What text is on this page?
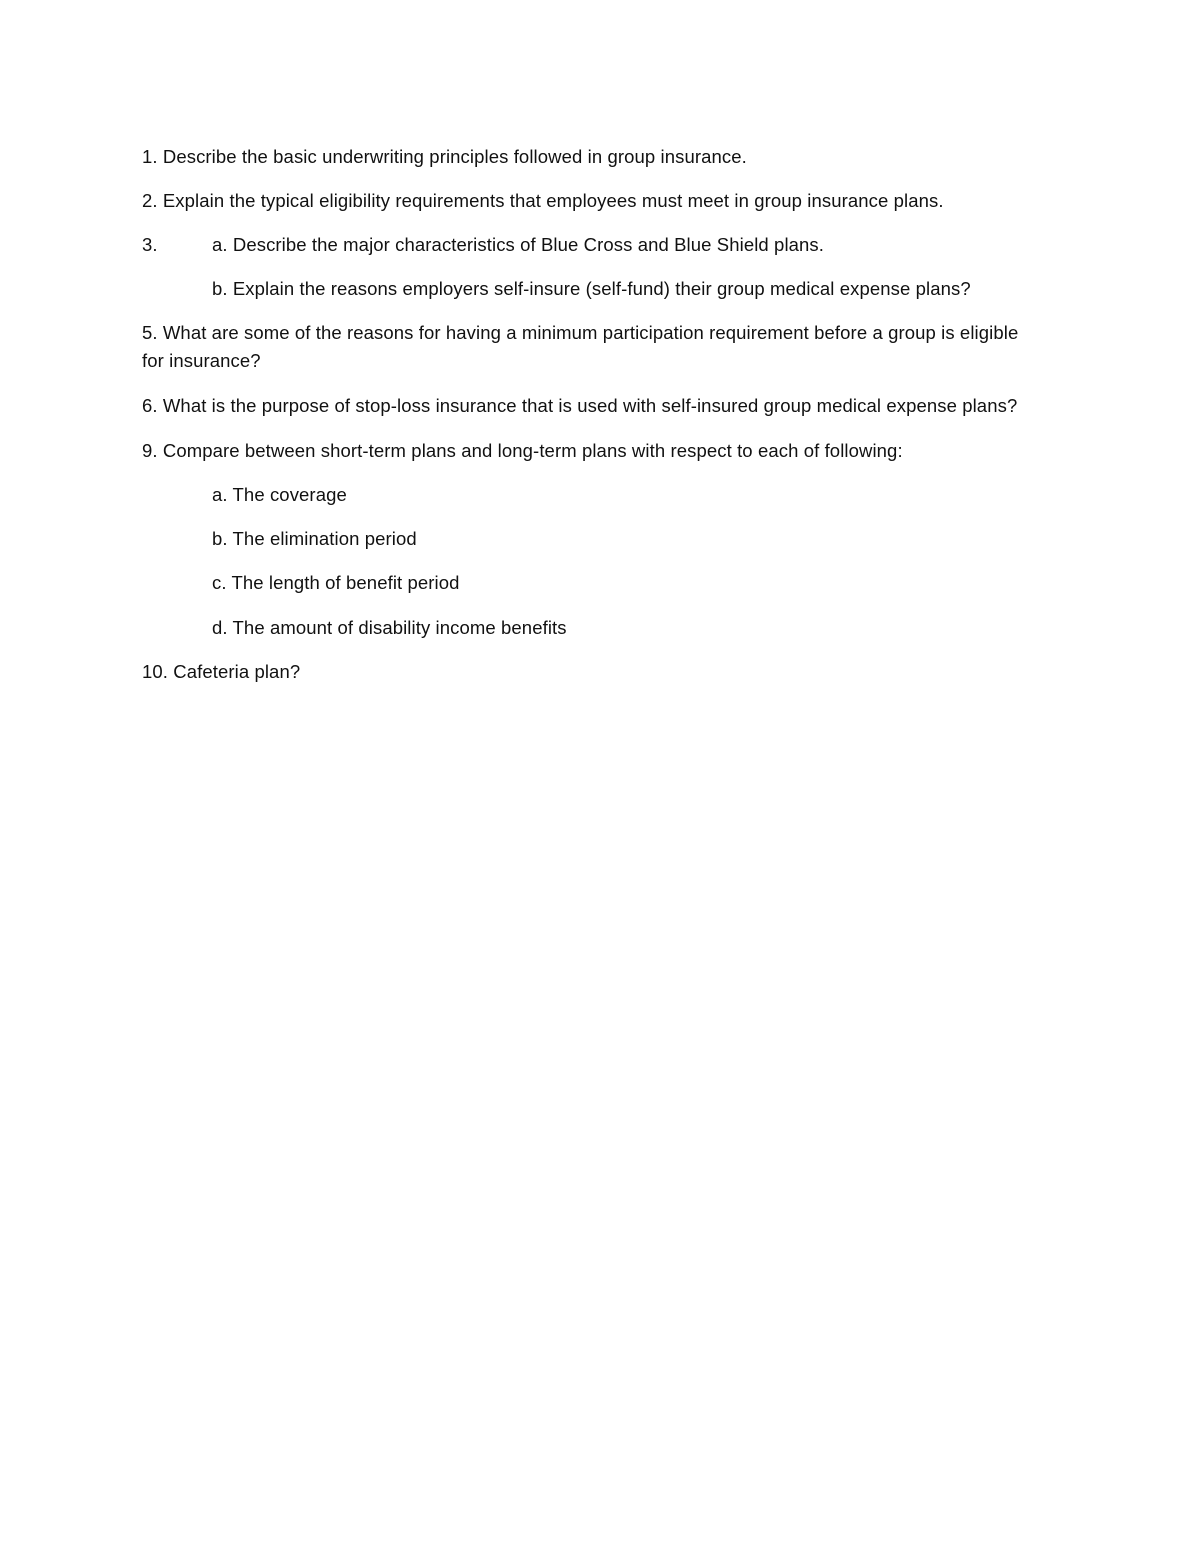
1. Describe the basic underwriting principles followed in group insurance.

2. Explain the typical eligibility requirements that employees must meet in group insurance plans.

3.	a. Describe the major characteristics of Blue Cross and Blue Shield plans.

b. Explain the reasons employers self-insure (self-fund) their group medical expense plans?

5. What are some of the reasons for having a minimum participation requirement before a group is eligible for insurance?

6. What is the purpose of stop-loss insurance that is used with self-insured group medical expense plans?

9. Compare between short-term plans and long-term plans with respect to each of following:

a. The coverage

b. The elimination period

c. The length of benefit period

d. The amount of disability income benefits

10. Cafeteria plan?
